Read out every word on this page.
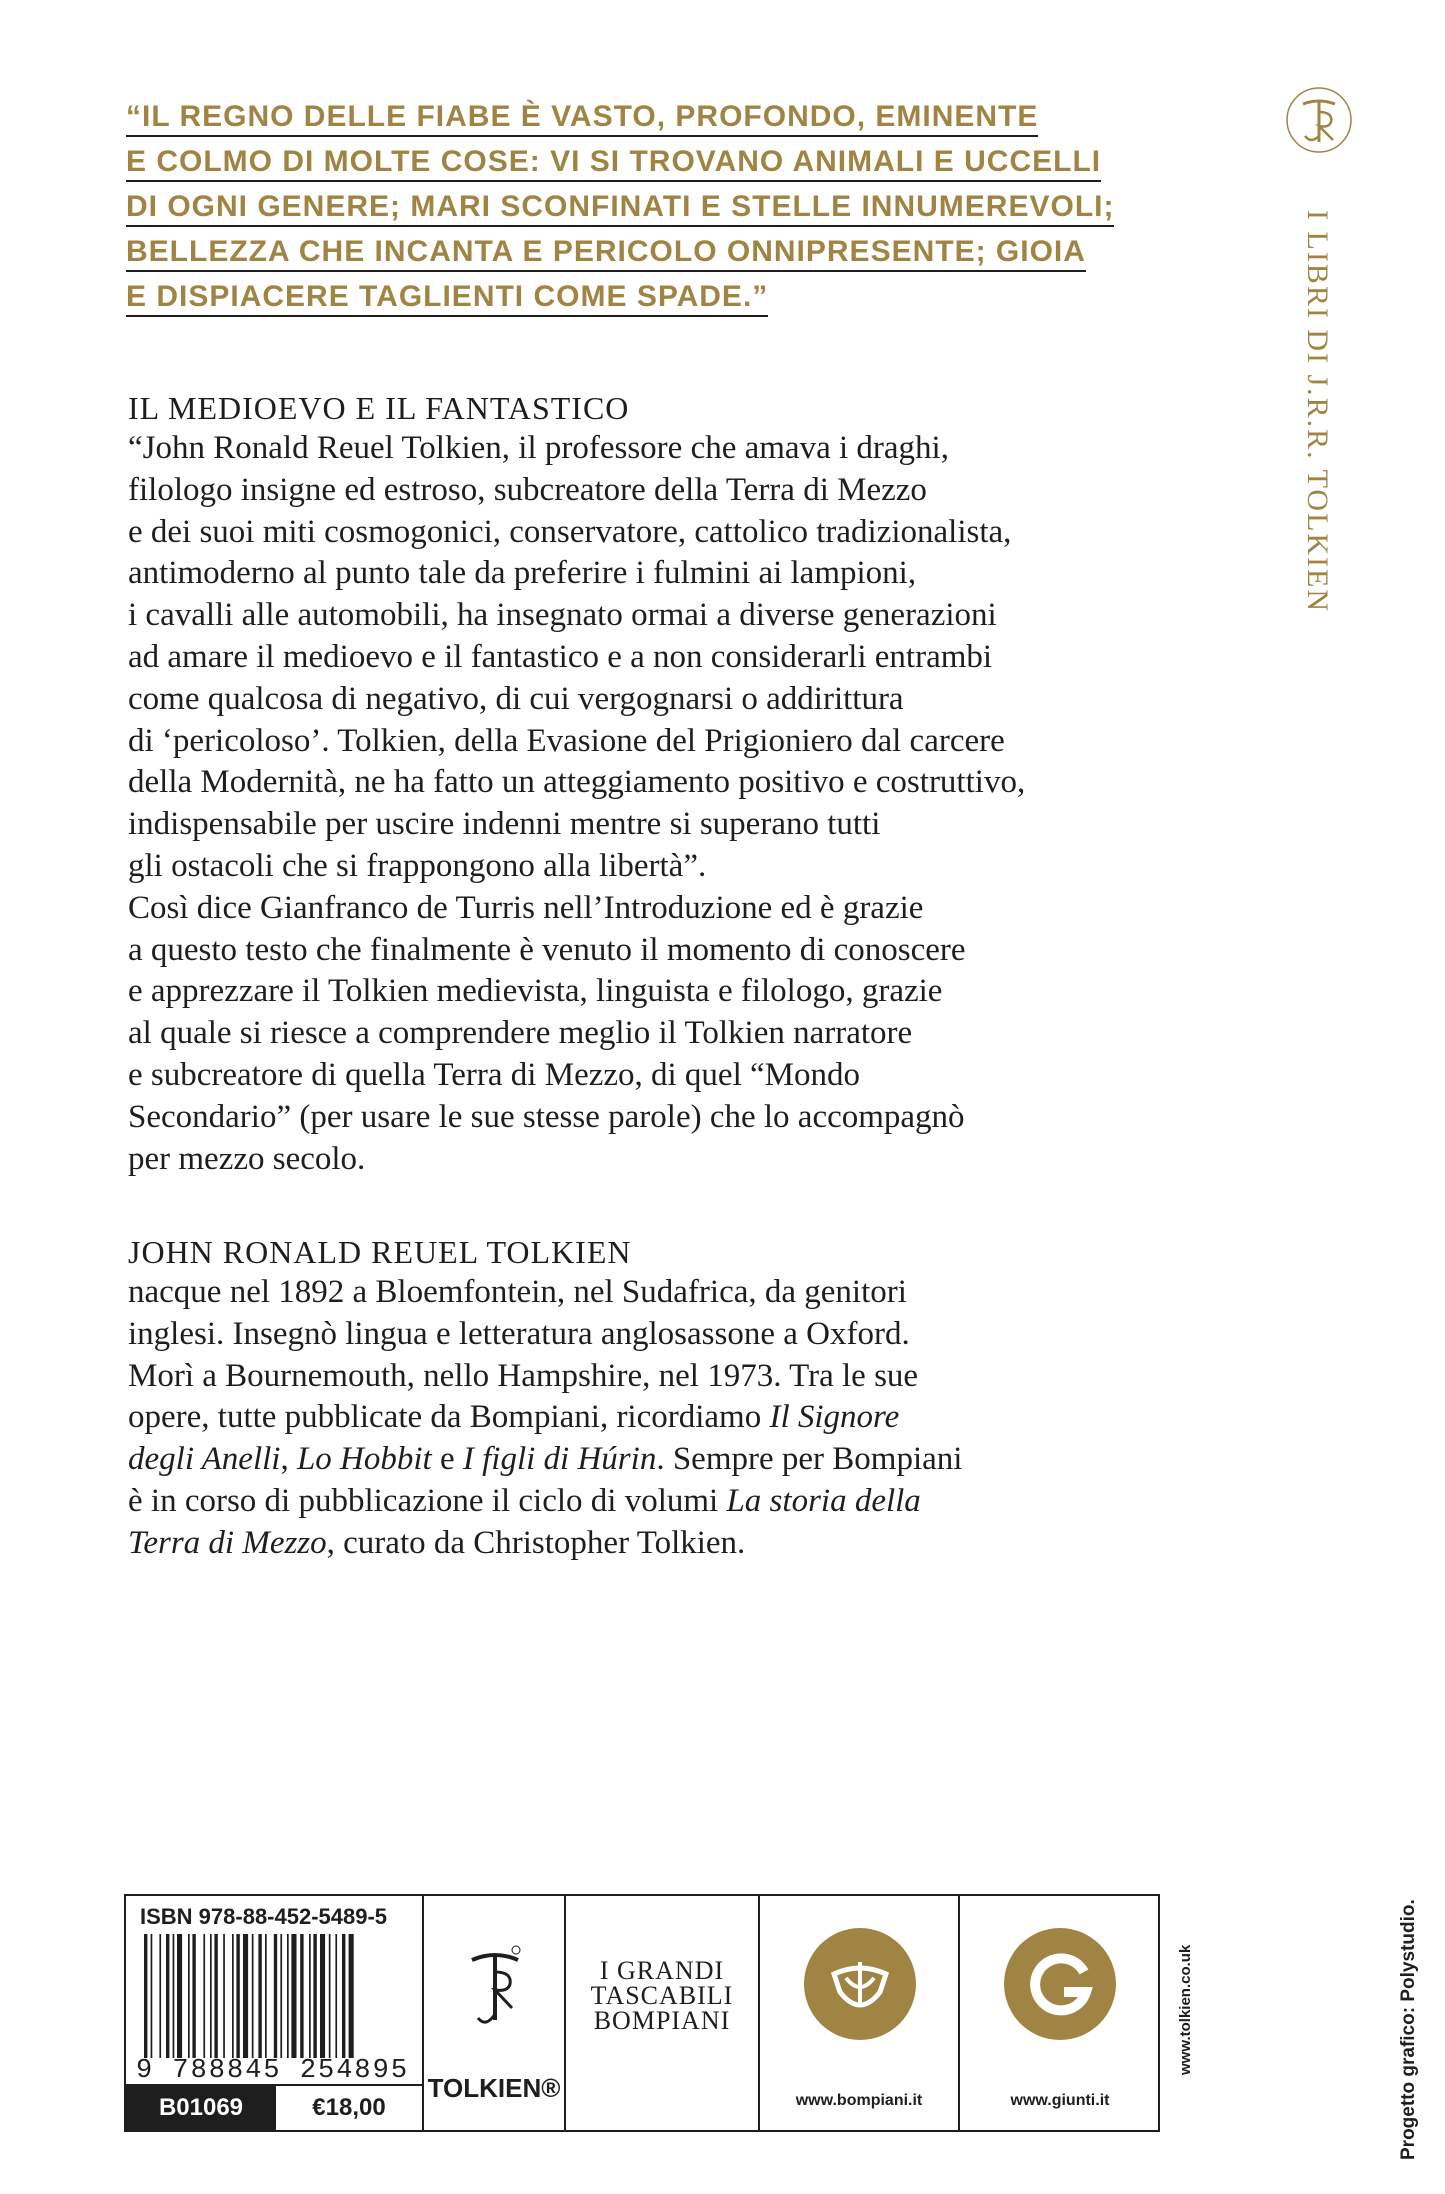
“IL REGNO DELLE FIABE È VASTO, PROFONDO, EMINENTE
E COLMO DI MOLTE COSE: VI SI TROVANO ANIMALI E UCCELLI
DI OGNI GENERE; MARI SCONFINATI E STELLE INNUMEREVOLI;
BELLEZZA CHE INCANTA E PERICOLO ONNIPRESENTE; GIOIA
E DISPIACERE TAGLIENTI COME SPADE.”	I LIBRI DI J.R.R. TOLKIEN
IL MEDIOEVO E IL FANTASTICO
“John Ronald Reuel Tolkien, il professore che amava i draghi,
filologo insigne ed estroso, subcreatore della Terra di Mezzo
e dei suoi miti cosmogonici, conservatore, cattolico tradizionalista,
antimoderno al punto tale da preferire i fulmini ai lampioni,
i cavalli alle automobili, ha insegnato ormai a diverse generazioni
ad amare il medioevo e il fantastico e a non considerarli entrambi
come qualcosa di negativo, di cui vergognarsi o addirittura
di ‘pericoloso’. Tolkien, della Evasione del Prigioniero dal carcere
della Modernità, ne ha fatto un atteggiamento positivo e costruttivo,
indispensabile per uscire indenni mentre si superano tutti
gli ostacoli che si frappongono alla libertà”.
Così dice Gianfranco de Turris nell’Introduzione ed è grazie
a questo testo che finalmente è venuto il momento di conoscere
e apprezzare il Tolkien medievista, linguista e filologo, grazie
al quale si riesce a comprendere meglio il Tolkien narratore
e subcreatore di quella Terra di Mezzo, di quel “Mondo
Secondario” (per usare le sue stesse parole) che lo accompagnò
per mezzo secolo.
JOHN RONALD REUEL TOLKIEN
nacque nel 1892 a Bloemfontein, nel Sudafrica, da genitori
inglesi. Insegnò lingua e letteratura anglosassone a Oxford.
Morì a Bournemouth, nello Hampshire, nel 1973. Tra le sue
opere, tutte pubblicate da Bompiani, ricordiamo Il Signore
degli Anelli, Lo Hobbit e I figli di Húrin. Sempre per Bompiani
è in corso di pubblicazione il ciclo di volumi La storia della
Terra di Mezzo, curato da Christopher Tolkien.
Progetto grafico: Polystudio.
www.tolkien.co.uk
ISBN 978-88-452-5489-5
9 788845 254895
B01069	€18,00
TOLKIEN®
I GRANDI
TASCABILI
BOMPIANI
www.bompiani.it	www.giunti.it
